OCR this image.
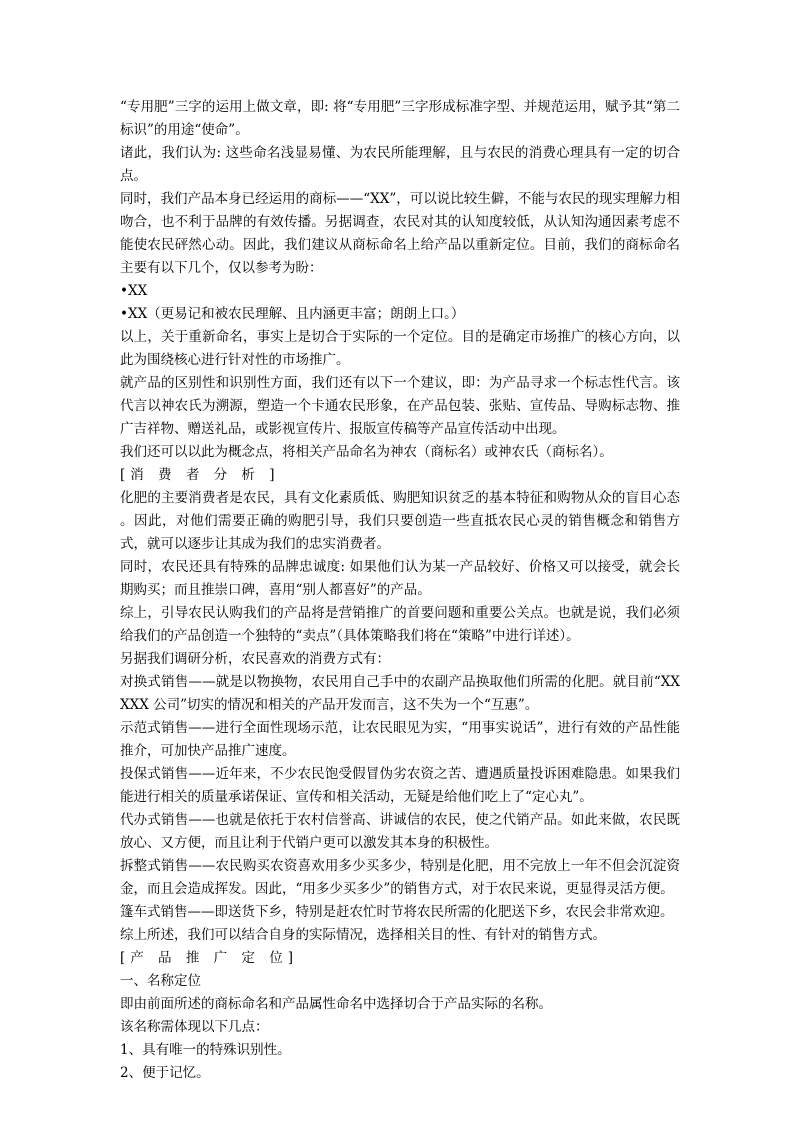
“专用肥”三字的运用上做文章，即: 将“专用肥”三字形成标准字型、并规范运用，赋予其“第二标识”的用途“使命”。

诸此，我们认为: 这些命名浅显易懂、为农民所能理解，且与农民的消费心理具有一定的切合点。

同时，我们产品本身已经运用的商标——“XX”，可以说比较生僻，不能与农民的现实理解力相吻合，也不利于品牌的有效传播。另据调查，农民对其的认知度较低，从认知沟通因素考虑不能使农民砰然心动。因此，我们建议从商标命名上给产品以重新定位。目前，我们的商标命名主要有以下几个，仅以参考为盼：

•XX

•XX（更易记和被农民理解、且内涵更丰富；朗朗上口。）

以上，关于重新命名，事实上是切合于实际的一个定位。目的是确定市场推广的核心方向，以此为围绕核心进行针对性的市场推广。

就产品的区别性和识别性方面，我们还有以下一个建议，即：为产品寻求一个标志性代言。该代言以神农氏为溯源，塑造一个卡通农民形象，在产品包装、张贴、宣传品、导购标志物、推广吉祥物、赠送礼品，或影视宣传片、报版宣传稿等产品宣传活动中出现。

我们还可以以此为概念点，将相关产品命名为神农（商标名）或神农氏（商标名）。

[消 费 者 分 析 ]

化肥的主要消费者是农民，具有文化素质低、购肥知识贫乏的基本特征和购物从众的盲目心态 。因此，对他们需要正确的购肥引导，我们只要创造一些直抵农民心灵的销售概念和销售方式，就可以逐步让其成为我们的忠实消费者。

同时，农民还具有特殊的品牌忠诚度: 如果他们认为某一产品较好、价格又可以接受，就会长期购买；而且推崇口碑，喜用“别人都喜好”的产品。

综上，引导农民认购我们的产品将是营销推广的首要问题和重要公关点。也就是说，我们必须给我们的产品创造一个独特的“卖点”（具体策略我们将在“策略”中进行详述）。

另据我们调研分析，农民喜欢的消费方式有：

对换式销售——就是以物换物，农民用自己手中的农副产品换取他们所需的化肥。就目前“XXXXX 公司”切实的情况和相关的产品开发而言，这不失为一个“互惠”。

示范式销售——进行全面性现场示范，让农民眼见为实，“用事实说话”，进行有效的产品性能推介，可加快产品推广速度。

投保式销售——近年来，不少农民饱受假冒伪劣农资之苦、遭遇质量投诉困难隐患。如果我们能进行相关的质量承诺保证、宣传和相关活动，无疑是给他们吃上了“定心丸”。

代办式销售——也就是依托于农村信誉高、讲诚信的农民，使之代销产品。如此来做，农民既放心、又方便，而且让利于代销户更可以激发其本身的积极性。

拆整式销售——农民购买农资喜欢用多少买多少，特别是化肥，用不完放上一年不但会沉淀资金，而且会造成挥发。因此，“用多少买多少”的销售方式，对于农民来说，更显得灵活方便。

篷车式销售——即送货下乡，特别是赶农忙时节将农民所需的化肥送下乡，农民会非常欢迎。

综上所述，我们可以结合自身的实际情况，选择相关目的性、有针对的销售方式。

[产 品 推 广 定 位]

一、名称定位

即由前面所述的商标命名和产品属性命名中选择切合于产品实际的名称。

该名称需体现以下几点：

1、具有唯一的特殊识别性。

2、便于记忆。
